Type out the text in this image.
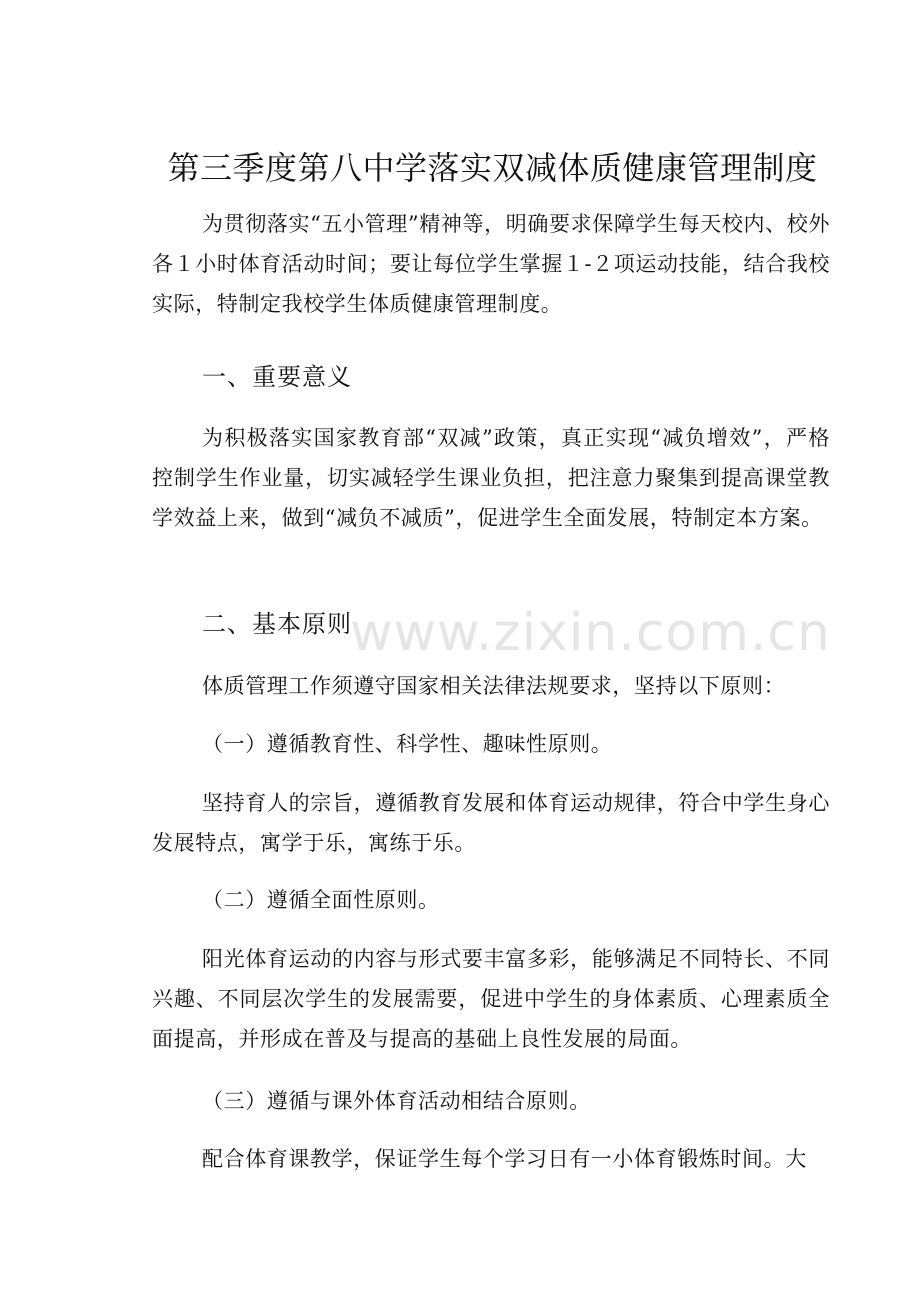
第三季度第八中学落实双减体质健康管理制度
为贯彻落实“五小管理”精神等，明确要求保障学生每天校内、校外各１小时体育活动时间；要让每位学生掌握１-２项运动技能，结合我校实际，特制定我校学生体质健康管理制度。
一、重要意义
为积极落实国家教育部“双减”政策，真正实现“减负增效”，严格控制学生作业量，切实减轻学生课业负担，把注意力聚集到提高课堂教学效益上来，做到“减负不减质”，促进学生全面发展，特制定本方案。
二、基本原则
体质管理工作须遵守国家相关法律法规要求，坚持以下原则：
（一）遵循教育性、科学性、趣味性原则。
坚持育人的宗旨，遵循教育发展和体育运动规律，符合中学生身心发展特点，寓学于乐，寓练于乐。
（二）遵循全面性原则。
阳光体育运动的内容与形式要丰富多彩，能够满足不同特长、不同兴趣、不同层次学生的发展需要，促进中学生的身体素质、心理素质全面提高，并形成在普及与提高的基础上良性发展的局面。
（三）遵循与课外体育活动相结合原则。
配合体育课教学，保证学生每个学习日有一小体育锻炼时间。大
www.zixin.com.cn
